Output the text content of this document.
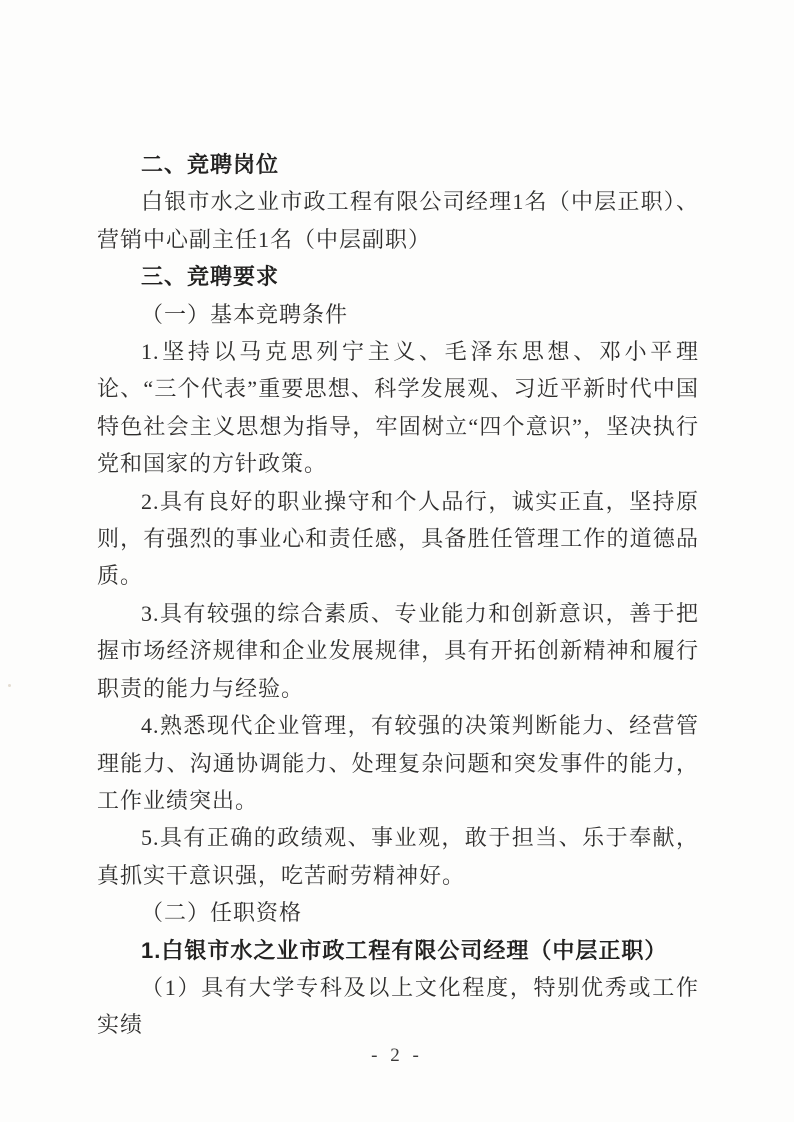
二、竞聘岗位

白银市水之业市政工程有限公司经理1名（中层正职）、营销中心副主任1名（中层副职）

三、竞聘要求

（一）基本竞聘条件

1.坚持以马克思列宁主义、毛泽东思想、邓小平理论、“三个代表”重要思想、科学发展观、习近平新时代中国特色社会主义思想为指导，牢固树立“四个意识”，坚决执行党和国家的方针政策。

2.具有良好的职业操守和个人品行，诚实正直，坚持原则，有强烈的事业心和责任感，具备胜任管理工作的道德品质。

3.具有较强的综合素质、专业能力和创新意识，善于把握市场经济规律和企业发展规律，具有开拓创新精神和履行职责的能力与经验。

4.熟悉现代企业管理，有较强的决策判断能力、经营管理能力、沟通协调能力、处理复杂问题和突发事件的能力，工作业绩突出。

5.具有正确的政绩观、事业观，敢于担当、乐于奉献，真抓实干意识强，吃苦耐劳精神好。

（二）任职资格

1.白银市水之业市政工程有限公司经理（中层正职）

（1）具有大学专科及以上文化程度，特别优秀或工作实绩

- 2 -
